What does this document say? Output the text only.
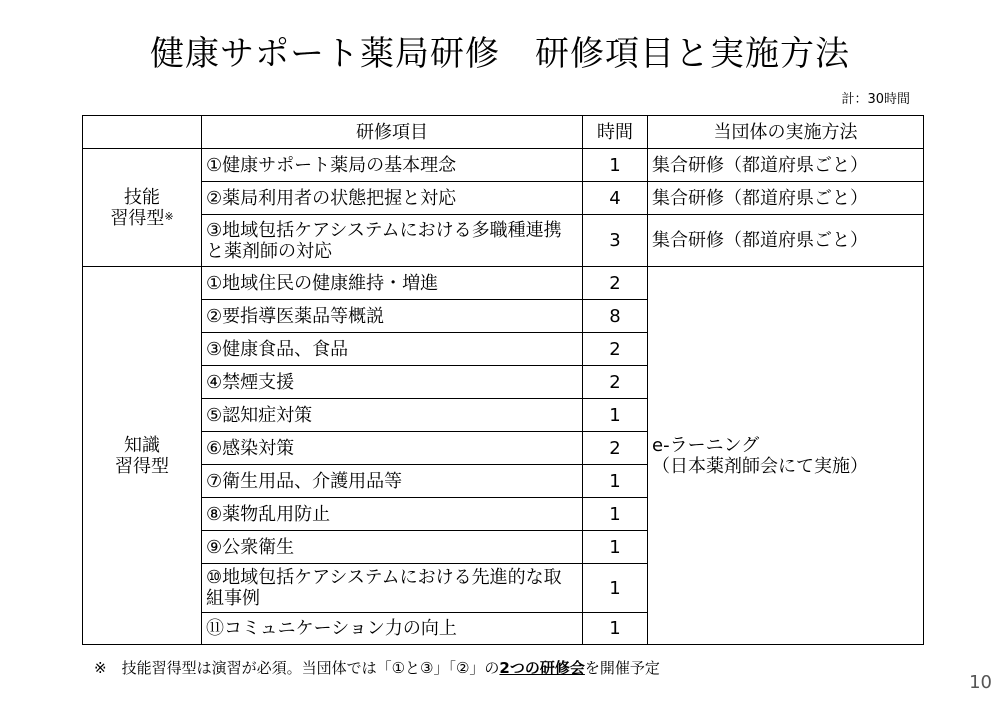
健康サポート薬局研修　研修項目と実施方法
計：30時間
	研修項目	時間	当団体の実施方法
技能
習得型※	①健康サポート薬局の基本理念	1	集合研修（都道府県ごと）
	②薬局利用者の状態把握と対応	4	集合研修（都道府県ごと）
	③地域包括ケアシステムにおける多職種連携と薬剤師の対応	3	集合研修（都道府県ごと）
知識
習得型	①地域住民の健康維持・増進	2	e-ラーニング
（日本薬剤師会にて実施）
	②要指導医薬品等概説	8	
	③健康食品、食品	2	
	④禁煙支援	2	
	⑤認知症対策	1	
	⑥感染対策	2	
	⑦衛生用品、介護用品等	1	
	⑧薬物乱用防止	1	
	⑨公衆衛生	1	
	⑩地域包括ケアシステムにおける先進的な取組事例	1	
	⑪コミュニケーション力の向上	1	
※　技能習得型は演習が必須。当団体では「①と③」「②」の2つの研修会を開催予定
10
